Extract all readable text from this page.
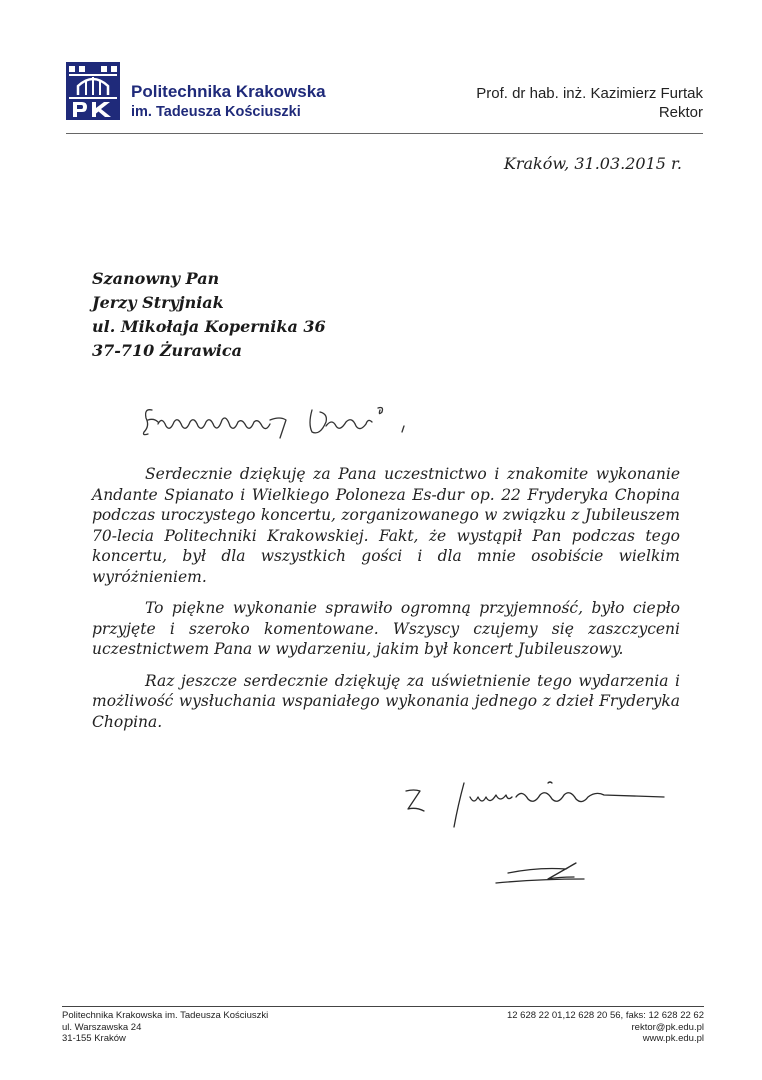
Politechnika Krakowska
im. Tadeusza Kościuszki
Prof. dr hab. inż. Kazimierz Furtak
Rektor
Kraków, 31.03.2015 r.
Szanowny Pan
Jerzy Stryjniak
ul. Mikołaja Kopernika 36
37-710 Żurawica

Serdecznie dziękuję za Pana uczestnictwo i znakomite wykonanie Andante Spianato i Wielkiego Poloneza Es-dur op. 22 Fryderyka Chopina podczas uroczystego koncertu, zorganizowanego w związku z Jubileuszem 70-lecia Politechniki Krakowskiej. Fakt, że wystąpił Pan podczas tego koncertu, był dla wszystkich gości i dla mnie osobiście wielkim wyróżnieniem.

To piękne wykonanie sprawiło ogromną przyjemność, było ciepło przyjęte i szeroko komentowane. Wszyscy czujemy się zaszczyceni uczestnictwem Pana w wydarzeniu, jakim był koncert Jubileuszowy.

Raz jeszcze serdecznie dziękuję za uświetnienie tego wydarzenia i możliwość wysłuchania wspaniałego wykonania jednego z dzieł Fryderyka Chopina.

Politechnika Krakowska im. Tadeusza Kościuszki
ul. Warszawska 24
31-155 Kraków
12 628 22 01,12 628 20 56, faks: 12 628 22 62
rektor@pk.edu.pl
www.pk.edu.pl
